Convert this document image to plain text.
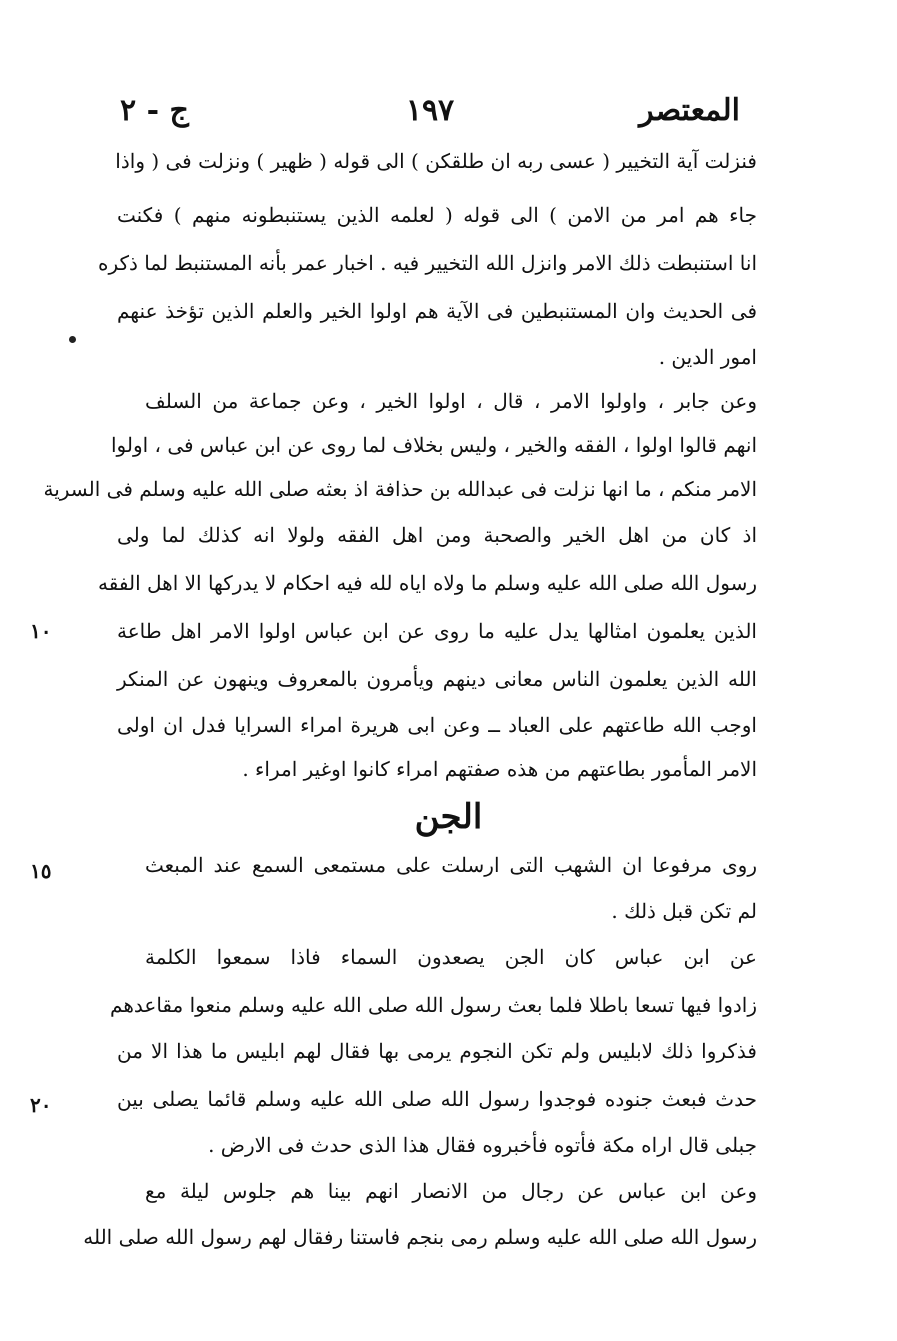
المعتصر
١٩٧
ج - ٢
فنزلت آية التخيير ( عسى ربه ان طلقكن ) الى قوله ( ظهير ) ونزلت فى ( واذا
جاء هم امر من الامن ) الى قوله ( لعلمه الذين يستنبطونه منهم ) فكنت
انا استنبطت ذلك الامر وانزل الله التخيير فيه . اخبار عمر بأنه المستنبط لما ذكره
فى الحديث وان المستنبطين فى الآية هم اولوا الخير والعلم الذين تؤخذ عنهم
امور الدين .
وعن جابر ، واولوا الامر ، قال ، اولوا الخير ، وعن جماعة من السلف
انهم قالوا اولوا ، الفقه والخير ، وليس بخلاف لما روى عن ابن عباس فى ، اولوا
الامر منكم ، ما انها نزلت فى عبدالله بن حذافة اذ بعثه صلى الله عليه وسلم فى السرية
اذ كان من اهل الخير والصحبة ومن اهل الفقه ولولا انه كذلك لما ولى
رسول الله صلى الله عليه وسلم ما ولاه اياه لله فيه احكام لا يدركها الا اهل الفقه
الذين يعلمون امثالها يدل عليه ما روى عن ابن عباس اولوا الامر اهل طاعة
١٠
الله الذين يعلمون الناس معانى دينهم ويأمرون بالمعروف وينهون عن المنكر
اوجب الله طاعتهم على العباد ــ وعن ابى هريرة امراء السرايا فدل ان اولى
الامر المأمور بطاعتهم من هذه صفتهم امراء كانوا اوغير امراء .
الجن
روى مرفوعا ان الشهب التى ارسلت على مستمعى السمع عند المبعث
١٥
لم تكن قبل ذلك .
عن ابن عباس كان الجن يصعدون السماء فاذا سمعوا الكلمة
زادوا فيها تسعا باطلا فلما بعث رسول الله صلى الله عليه وسلم منعوا مقاعدهم
فذكروا ذلك لابليس ولم تكن النجوم يرمى بها فقال لهم ابليس ما هذا الا من
حدث فبعث جنوده فوجدوا رسول الله صلى الله عليه وسلم قائما يصلى بين
٢٠
جبلى قال اراه مكة فأتوه فأخبروه فقال هذا الذى حدث فى الارض .
وعن ابن عباس عن رجال من الانصار انهم بينا هم جلوس ليلة مع
رسول الله صلى الله عليه وسلم رمى بنجم فاستنا رفقال لهم رسول الله صلى الله
